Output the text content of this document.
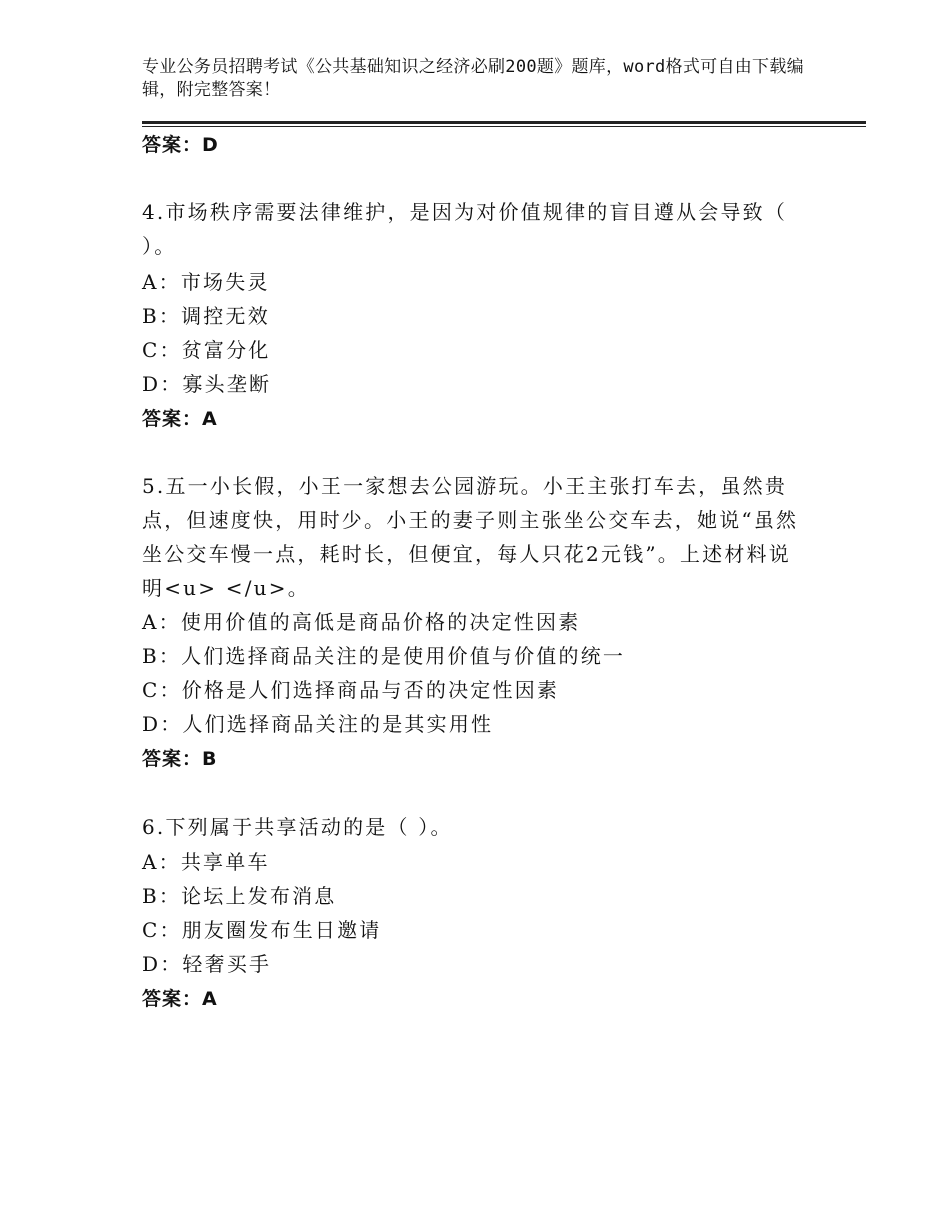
专业公务员招聘考试《公共基础知识之经济必刷200题》题库，word格式可自由下载编辑，附完整答案！
答案：D
4.市场秩序需要法律维护，是因为对价值规律的盲目遵从会导致（ ）。
A：市场失灵
B：调控无效
C：贫富分化
D：寡头垄断
答案：A
5.五一小长假，小王一家想去公园游玩。小王主张打车去，虽然贵点，但速度快，用时少。小王的妻子则主张坐公交车去，她说“虽然坐公交车慢一点，耗时长，但便宜，每人只花2元钱”。上述材料说明<u> </u>。
A：使用价值的高低是商品价格的决定性因素
B：人们选择商品关注的是使用价值与价值的统一
C：价格是人们选择商品与否的决定性因素
D：人们选择商品关注的是其实用性
答案：B
6.下列属于共享活动的是（ ）。
A：共享单车
B：论坛上发布消息
C：朋友圈发布生日邀请
D：轻奢买手
答案：A
